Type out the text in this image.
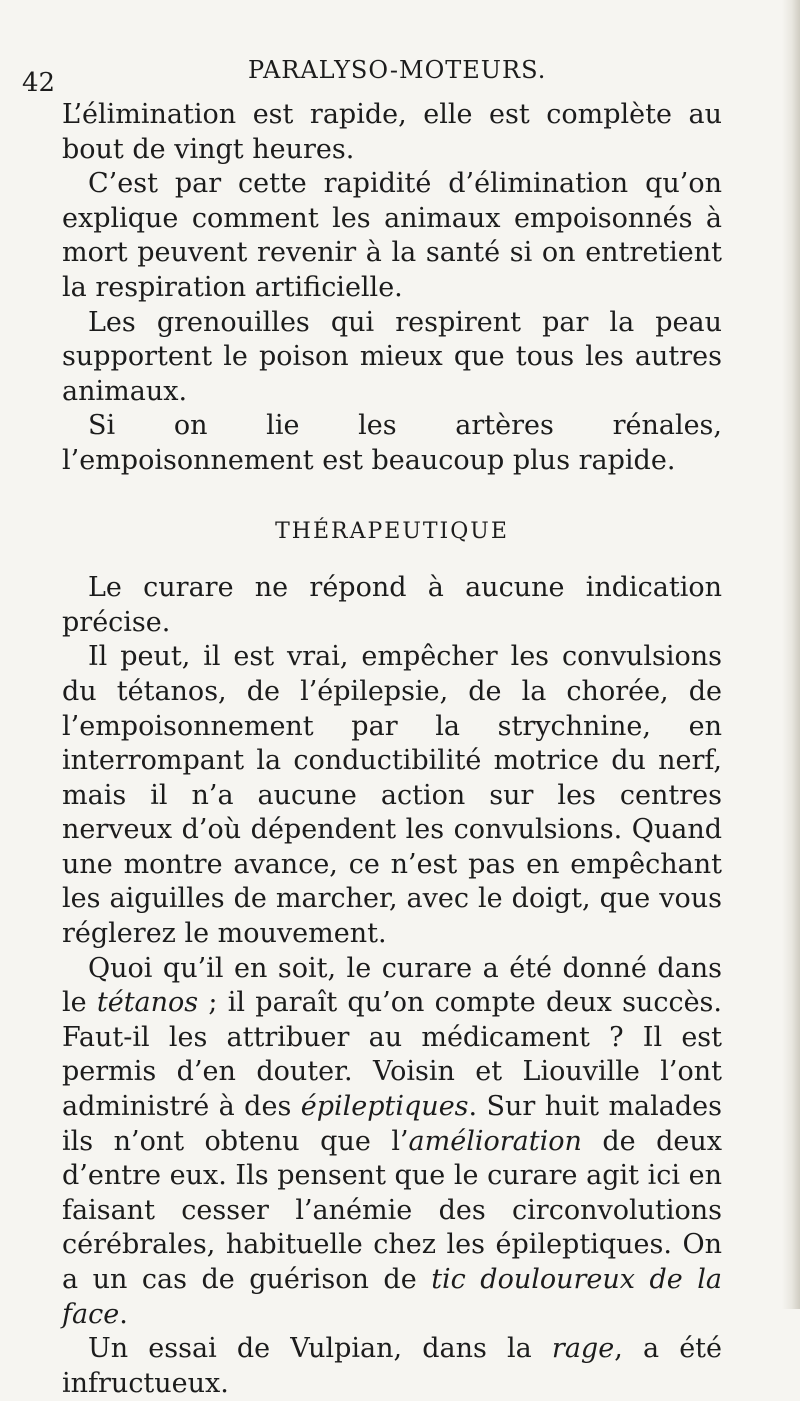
42	PARALYSO-MOTEURS.

L’élimination est rapide, elle est complète au bout de vingt heures.

C’est par cette rapidité d’élimination qu’on explique comment les animaux empoisonnés à mort peuvent revenir à la santé si on entretient la respiration artificielle.

Les grenouilles qui respirent par la peau supportent le poison mieux que tous les autres animaux.

Si on lie les artères rénales, l’empoisonnement est beaucoup plus rapide.

THÉRAPEUTIQUE

Le curare ne répond à aucune indication précise.

Il peut, il est vrai, empêcher les convulsions du tétanos, de l’épilepsie, de la chorée, de l’empoisonnement par la strychnine, en interrompant la conductibilité motrice du nerf, mais il n’a aucune action sur les centres nerveux d’où dépendent les convulsions. Quand une montre avance, ce n’est pas en empêchant les aiguilles de marcher, avec le doigt, que vous réglerez le mouvement.

Quoi qu’il en soit, le curare a été donné dans le tétanos ; il paraît qu’on compte deux succès. Faut-il les attribuer au médicament ? Il est permis d’en douter. Voisin et Liouville l’ont administré à des épileptiques. Sur huit malades ils n’ont obtenu que l’amélioration de deux d’entre eux. Ils pensent que le curare agit ici en faisant cesser l’anémie des circonvolutions cérébrales, habituelle chez les épileptiques. On a un cas de guérison de tic douloureux de la face.

Un essai de Vulpian, dans la rage, a été infructueux.
